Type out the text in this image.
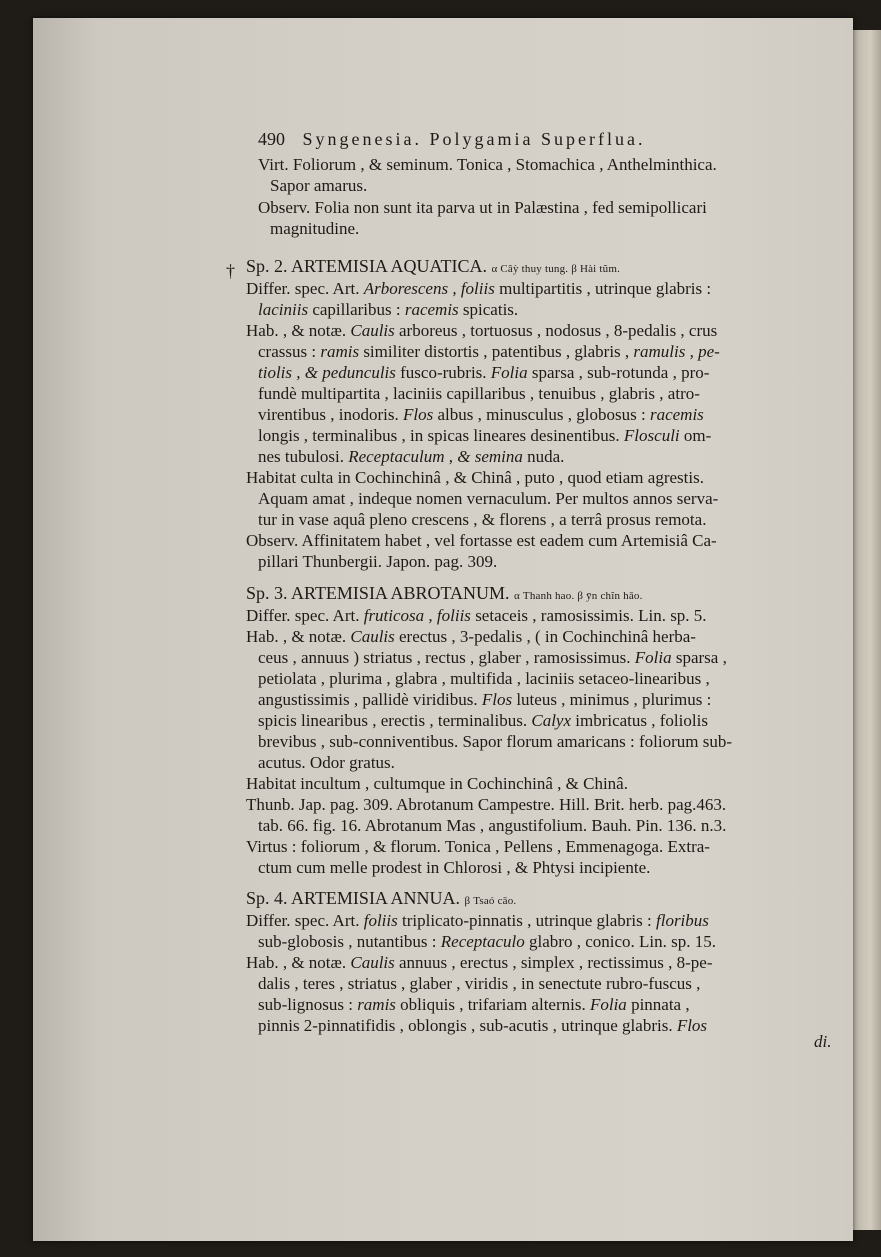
490 Syngenesia. Polygamia Superflua.
Virt. Foliorum , & seminum. Tonica , Stomachica , Anthelminthica.
Sapor amarus.
Observ. Folia non sunt ita parva ut in Palæstina , fed semipollicari
magnitudine.
† Sp. 2. ARTEMISIA AQUATICA. α Câỳ thuy tung. β Hài tũm.
Differ. spec. Art. Arborescens , foliis multipartitis , utrinque glabris :
laciniis capillaribus : racemis spicatis.
Hab. , & notæ. Caulis arboreus , tortuosus , nodosus , 8-pedalis , crus
crassus : ramis similiter distortis , patentibus , glabris , ramulis , pe-
tiolis , & pedunculis fusco-rubris. Folia sparsa , sub-rotunda , pro-
fundè multipartita , laciniis capillaribus , tenuibus , glabris , atro-
virentibus , inodoris. Flos albus , minusculus , globosus : racemis
longis , terminalibus , in spicas lineares desinentibus. Flosculi om-
nes tubulosi. Receptaculum , & semina nuda.
Habitat culta in Cochinchinâ , & Chinâ , puto , quod etiam agrestis.
Aquam amat , indeque nomen vernaculum. Per multos annos serva-
tur in vase aquâ pleno crescens , & florens , a terrâ prosus remota.
Observ. Affinitatem habet , vel fortasse est eadem cum Artemisiâ Ca-
pillari Thunbergii. Japon. pag. 309.
Sp. 3. ARTEMISIA ABROTANUM. α Thanh hao. β ȳn chîn hāo.
Differ. spec. Art. fruticosa , foliis setaceis , ramosissimis. Lin. sp. 5.
Hab. , & notæ. Caulis erectus , 3-pedalis , ( in Cochinchinâ herba-
ceus , annuus ) striatus , rectus , glaber , ramosissimus. Folia sparsa ,
petiolata , plurima , glabra , multifida , laciniis setaceo-linearibus ,
angustissimis , pallidè viridibus. Flos luteus , minimus , plurimus :
spicis linearibus , erectis , terminalibus. Calyx imbricatus , foliolis
brevibus , sub-conniventibus. Sapor florum amaricans : foliorum sub-
acutus. Odor gratus.
Habitat incultum , cultumque in Cochinchinâ , & Chinâ.
Thunb. Jap. pag. 309. Abrotanum Campestre. Hill. Brit. herb. pag.463.
tab. 66. fig. 16. Abrotanum Mas , angustifolium. Bauh. Pin. 136. n.3.
Virtus : foliorum , & florum. Tonica , Pellens , Emmenagoga. Extra-
ctum cum melle prodest in Chlorosi , & Phtysi incipiente.
Sp. 4. ARTEMISIA ANNUA. β Tsaó cāo.
Differ. spec. Art. foliis triplicato-pinnatis , utrinque glabris : floribus
sub-globosis , nutantibus : Receptaculo glabro , conico. Lin. sp. 15.
Hab. , & notæ. Caulis annuus , erectus , simplex , rectissimus , 8-pe-
dalis , teres , striatus , glaber , viridis , in senectute rubro-fuscus ,
sub-lignosus : ramis obliquis , trifariam alternis. Folia pinnata ,
pinnis 2-pinnatifidis , oblongis , sub-acutis , utrinque glabris. Flos
di.
